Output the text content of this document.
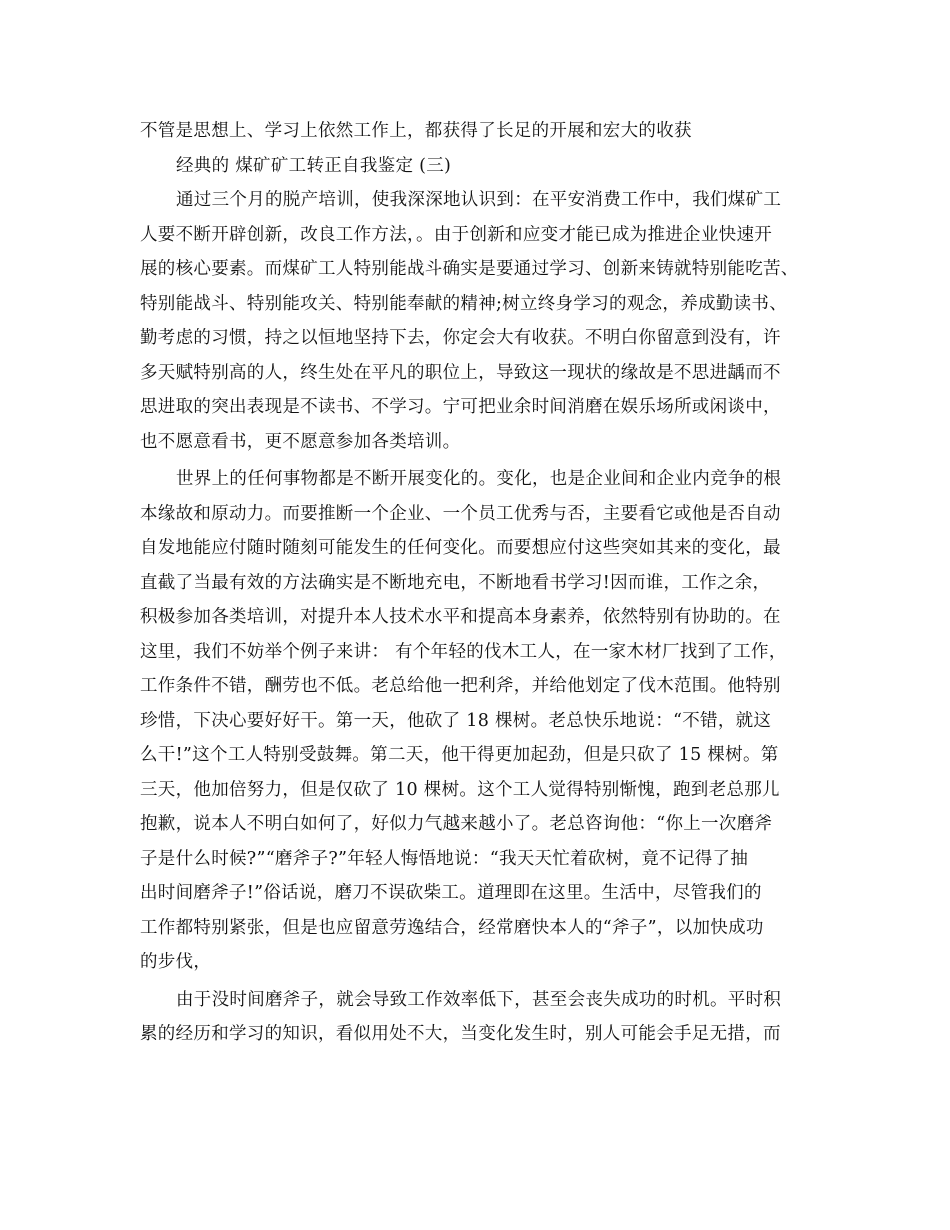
不管是思想上、学习上依然工作上，都获得了长足的开展和宏大的收获
经典的 煤矿矿工转正自我鉴定 (三)
通过三个月的脱产培训，使我深深地认识到：在平安消费工作中，我们煤矿工
人要不断开辟创新，改良工作方法，。由于创新和应变才能已成为推进企业快速开
展的核心要素。而煤矿工人特别能战斗确实是要通过学习、创新来铸就特别能吃苦、
特别能战斗、特别能攻关、特别能奉献的精神;树立终身学习的观念，养成勤读书、
勤考虑的习惯，持之以恒地坚持下去，你定会大有收获。不明白你留意到没有，许
多天赋特别高的人，终生处在平凡的职位上，导致这一现状的缘故是不思进龋而不
思进取的突出表现是不读书、不学习。宁可把业余时间消磨在娱乐场所或闲谈中，
也不愿意看书，更不愿意参加各类培训。
世界上的任何事物都是不断开展变化的。变化，也是企业间和企业内竞争的根
本缘故和原动力。而要推断一个企业、一个员工优秀与否，主要看它或他是否自动
自发地能应付随时随刻可能发生的任何变化。而要想应付这些突如其来的变化，最
直截了当最有效的方法确实是不断地充电，不断地看书学习!因而谁，工作之余，
积极参加各类培训，对提升本人技术水平和提高本身素养，依然特别有协助的。在
这里，我们不妨举个例子来讲： 有个年轻的伐木工人，在一家木材厂找到了工作，
工作条件不错，酬劳也不低。老总给他一把利斧，并给他划定了伐木范围。他特别
珍惜，下决心要好好干。第一天，他砍了 18 棵树。老总快乐地说：“不错，就这
么干!”这个工人特别受鼓舞。第二天，他干得更加起劲，但是只砍了 15 棵树。第
三天，他加倍努力，但是仅砍了 10 棵树。这个工人觉得特别惭愧，跑到老总那儿
抱歉，说本人不明白如何了，好似力气越来越小了。老总咨询他：“你上一次磨斧
子是什么时候?”“磨斧子?”年轻人悔悟地说：“我天天忙着砍树，竟不记得了抽
出时间磨斧子!”俗话说，磨刀不误砍柴工。道理即在这里。生活中，尽管我们的
工作都特别紧张，但是也应留意劳逸结合，经常磨快本人的“斧子”，以加快成功
的步伐，
由于没时间磨斧子，就会导致工作效率低下，甚至会丧失成功的时机。平时积
累的经历和学习的知识，看似用处不大，当变化发生时，别人可能会手足无措，而
